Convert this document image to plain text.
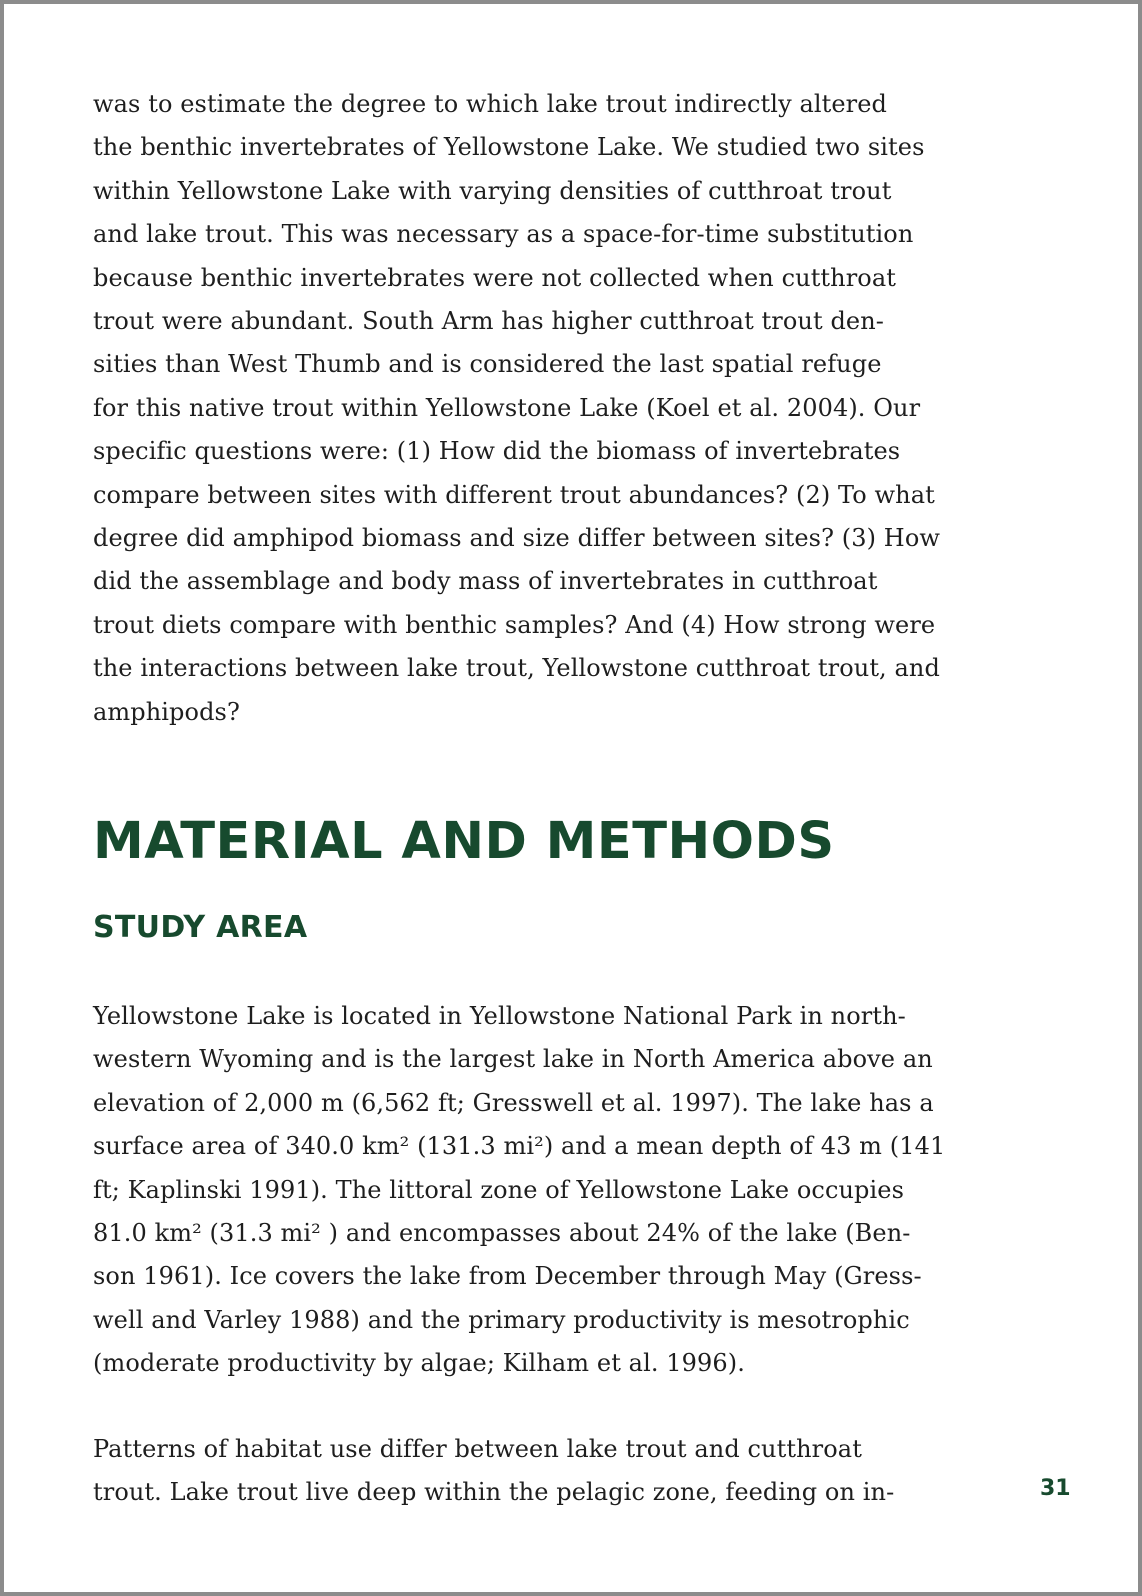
was to estimate the degree to which lake trout indirectly altered
the benthic invertebrates of Yellowstone Lake. We studied two sites
within Yellowstone Lake with varying densities of cutthroat trout
and lake trout. This was necessary as a space-for-time substitution
because benthic invertebrates were not collected when cutthroat
trout were abundant. South Arm has higher cutthroat trout den-
sities than West Thumb and is considered the last spatial refuge
for this native trout within Yellowstone Lake (Koel et al. 2004). Our
specific questions were: (1) How did the biomass of invertebrates
compare between sites with different trout abundances? (2) To what
degree did amphipod biomass and size differ between sites? (3) How
did the assemblage and body mass of invertebrates in cutthroat
trout diets compare with benthic samples? And (4) How strong were
the interactions between lake trout, Yellowstone cutthroat trout, and
amphipods?
MATERIAL AND METHODS
STUDY AREA
Yellowstone Lake is located in Yellowstone National Park in north-
western Wyoming and is the largest lake in North America above an
elevation of 2,000 m (6,562 ft; Gresswell et al. 1997). The lake has a
surface area of 340.0 km² (131.3 mi²) and a mean depth of 43 m (141
ft; Kaplinski 1991). The littoral zone of Yellowstone Lake occupies
81.0 km² (31.3 mi² ) and encompasses about 24% of the lake (Ben-
son 1961). Ice covers the lake from December through May (Gress-
well and Varley 1988) and the primary productivity is mesotrophic
(moderate productivity by algae; Kilham et al. 1996).
Patterns of habitat use differ between lake trout and cutthroat
trout. Lake trout live deep within the pelagic zone, feeding on in-	31
